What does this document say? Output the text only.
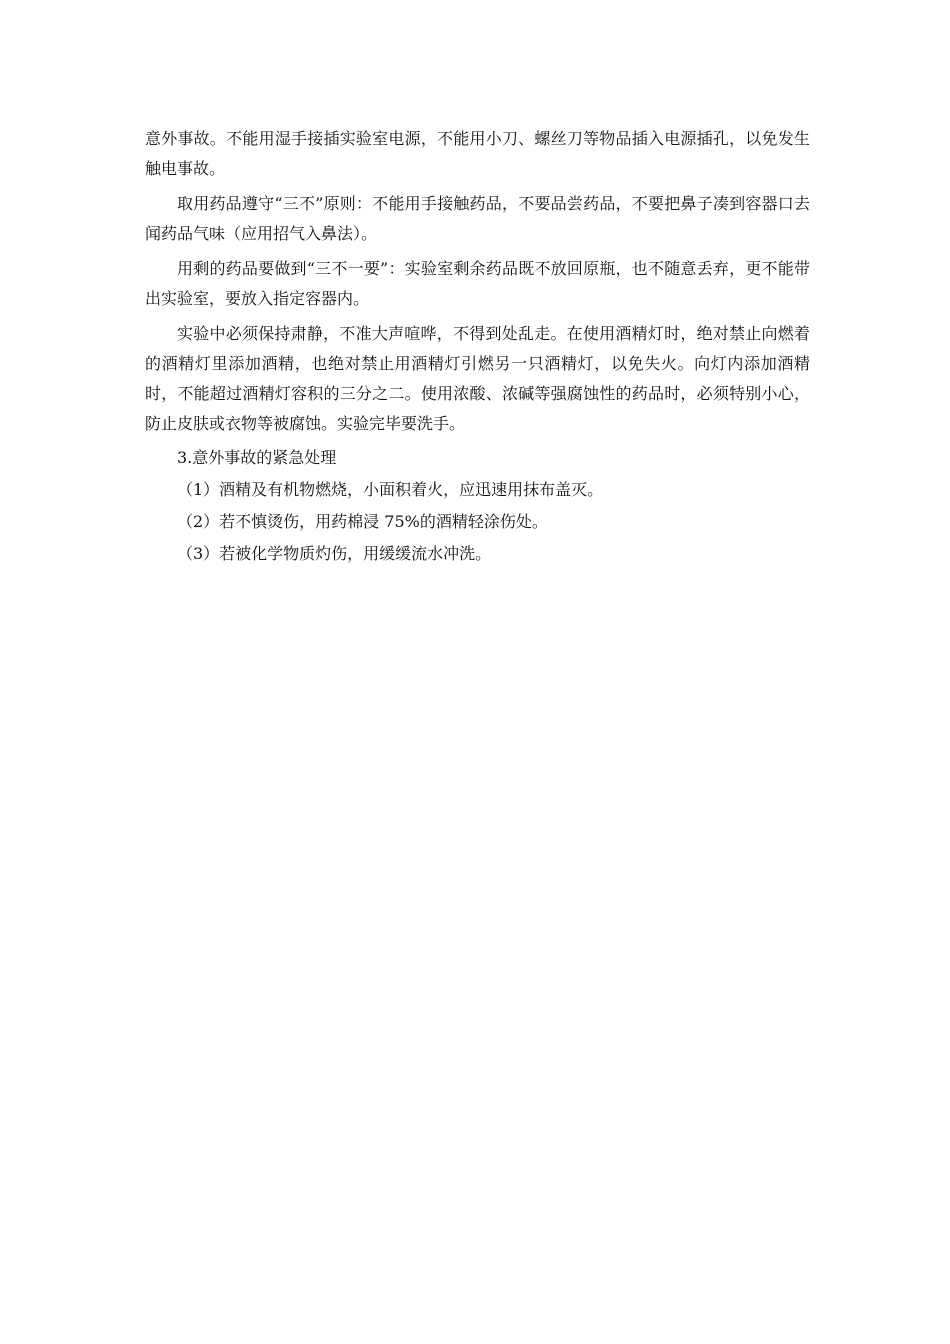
意外事故。不能用湿手接插实验室电源，不能用小刀、螺丝刀等物品插入电源插孔，以免发生触电事故。

取用药品遵守“三不”原则：不能用手接触药品，不要品尝药品，不要把鼻子凑到容器口去闻药品气味（应用招气入鼻法）。

用剩的药品要做到“三不一要”：实验室剩余药品既不放回原瓶，也不随意丢弃，更不能带出实验室，要放入指定容器内。

实验中必须保持肃静，不准大声喧哗，不得到处乱走。在使用酒精灯时，绝对禁止向燃着的酒精灯里添加酒精，也绝对禁止用酒精灯引燃另一只酒精灯，以免失火。向灯内添加酒精时，不能超过酒精灯容积的三分之二。使用浓酸、浓碱等强腐蚀性的药品时，必须特别小心，防止皮肤或衣物等被腐蚀。实验完毕要洗手。

3.意外事故的紧急处理

（1）酒精及有机物燃烧，小面积着火，应迅速用抹布盖灭。

（2）若不慎烫伤，用药棉浸 75%的酒精轻涂伤处。

（3）若被化学物质灼伤，用缓缓流水冲洗。
